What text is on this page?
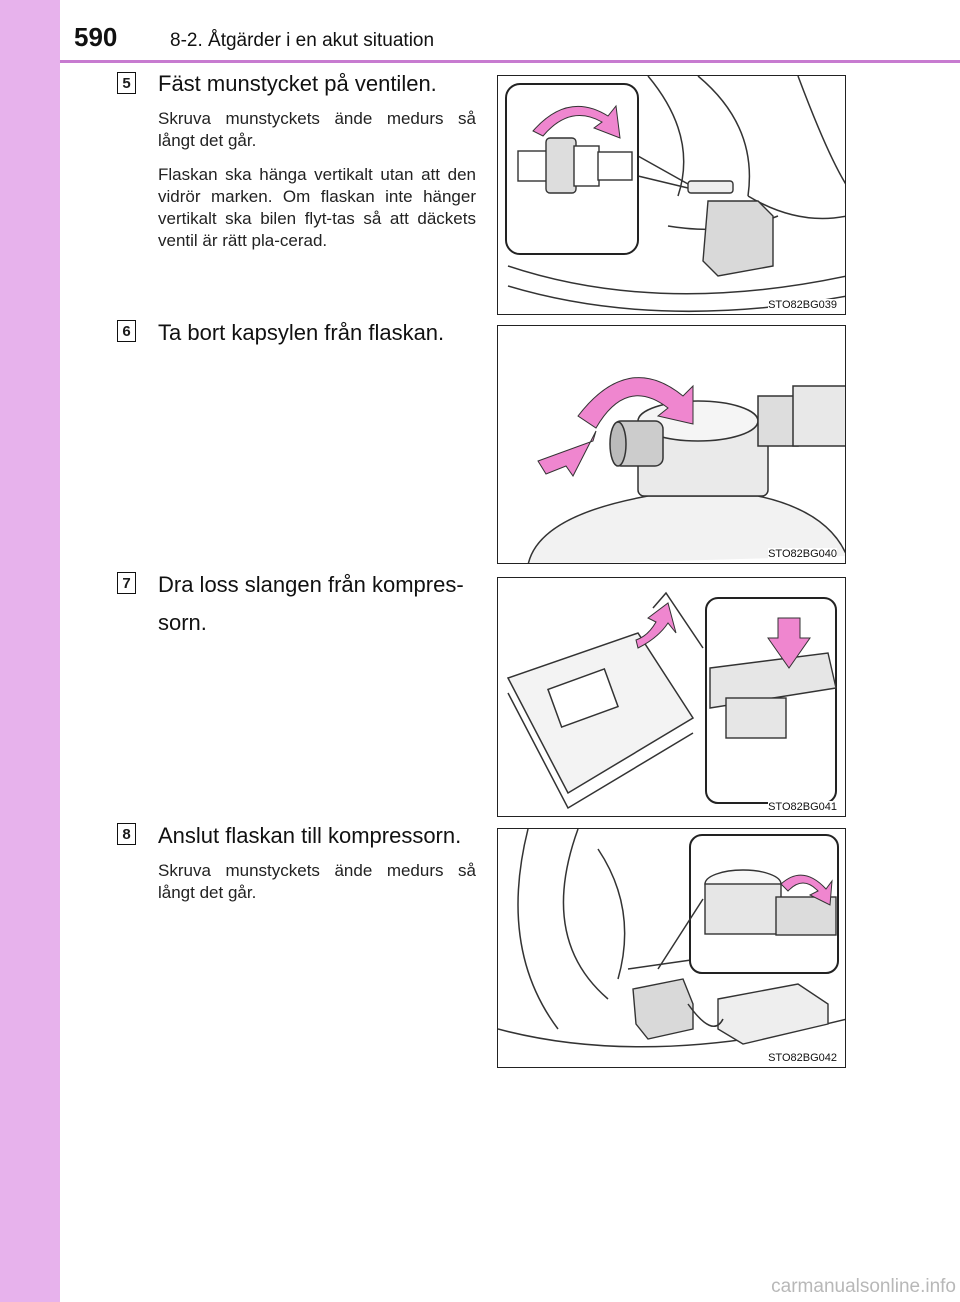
590	8-2. Åtgärder i en akut situation
5 Fäst munstycket på ventilen.

Skruva munstyckets ände medurs så långt det går.

Flaskan ska hänga vertikalt utan att den vidrör marken. Om flaskan inte hänger vertikalt ska bilen flyt-tas så att däckets ventil är rätt pla-cerad.

STO82BG039
6 Ta bort kapsylen från flaskan.
STO82BG040
7 Dra loss slangen från kompres-sorn.
STO82BG041
8 Anslut flaskan till kompressorn.

Skruva munstyckets ände medurs så långt det går.

STO82BG042
carmanualsonline.info
